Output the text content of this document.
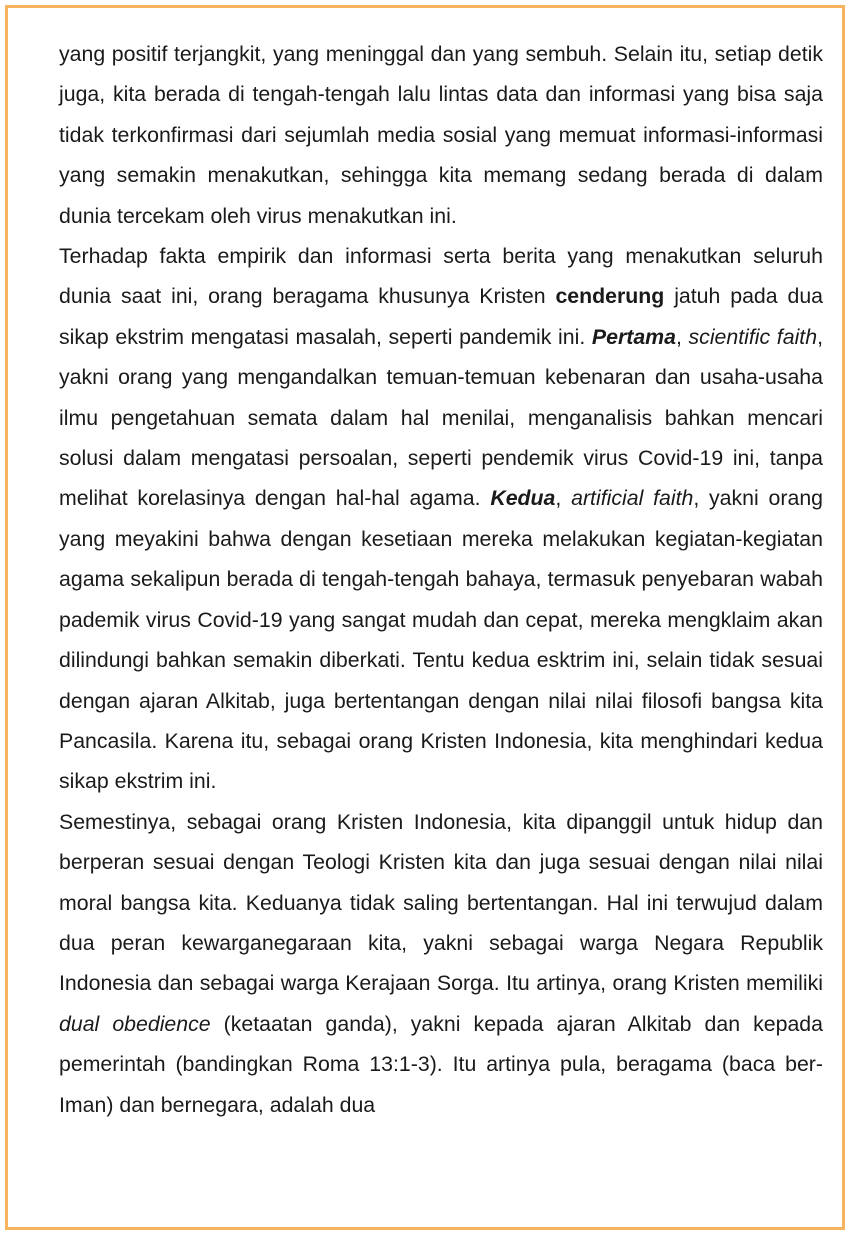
yang positif terjangkit, yang meninggal dan yang sembuh. Selain itu, setiap detik juga, kita berada di tengah-tengah lalu lintas data dan informasi yang bisa saja tidak terkonfirmasi dari sejumlah media sosial yang memuat informasi-informasi yang semakin menakutkan, sehingga kita memang sedang berada di dalam dunia tercekam oleh virus menakutkan ini.

Terhadap fakta empirik dan informasi serta berita yang menakutkan seluruh dunia saat ini, orang beragama khusunya Kristen cenderung jatuh pada dua sikap ekstrim mengatasi masalah, seperti pandemik ini. Pertama, scientific faith, yakni orang yang mengandalkan temuan-temuan kebenaran dan usaha-usaha ilmu pengetahuan semata dalam hal menilai, menganalisis bahkan mencari solusi dalam mengatasi persoalan, seperti pendemik virus Covid-19 ini, tanpa melihat korelasinya dengan hal-hal agama. Kedua, artificial faith, yakni orang yang meyakini bahwa dengan kesetiaan mereka melakukan kegiatan-kegiatan agama sekalipun berada di tengah-tengah bahaya, termasuk penyebaran wabah pademik virus Covid-19 yang sangat mudah dan cepat, mereka mengklaim akan dilindungi bahkan semakin diberkati. Tentu kedua esktrim ini, selain tidak sesuai dengan ajaran Alkitab, juga bertentangan dengan nilai nilai filosofi bangsa kita Pancasila. Karena itu, sebagai orang Kristen Indonesia, kita menghindari kedua sikap ekstrim ini.

Semestinya, sebagai orang Kristen Indonesia, kita dipanggil untuk hidup dan berperan sesuai dengan Teologi Kristen kita dan juga sesuai dengan nilai nilai moral bangsa kita. Keduanya tidak saling bertentangan. Hal ini terwujud dalam dua peran kewarganegaraan kita, yakni sebagai warga Negara Republik Indonesia dan sebagai warga Kerajaan Sorga. Itu artinya, orang Kristen memiliki dual obedience (ketaatan ganda), yakni kepada ajaran Alkitab dan kepada pemerintah (bandingkan Roma 13:1-3). Itu artinya pula, beragama (baca ber-Iman) dan bernegara, adalah dua
